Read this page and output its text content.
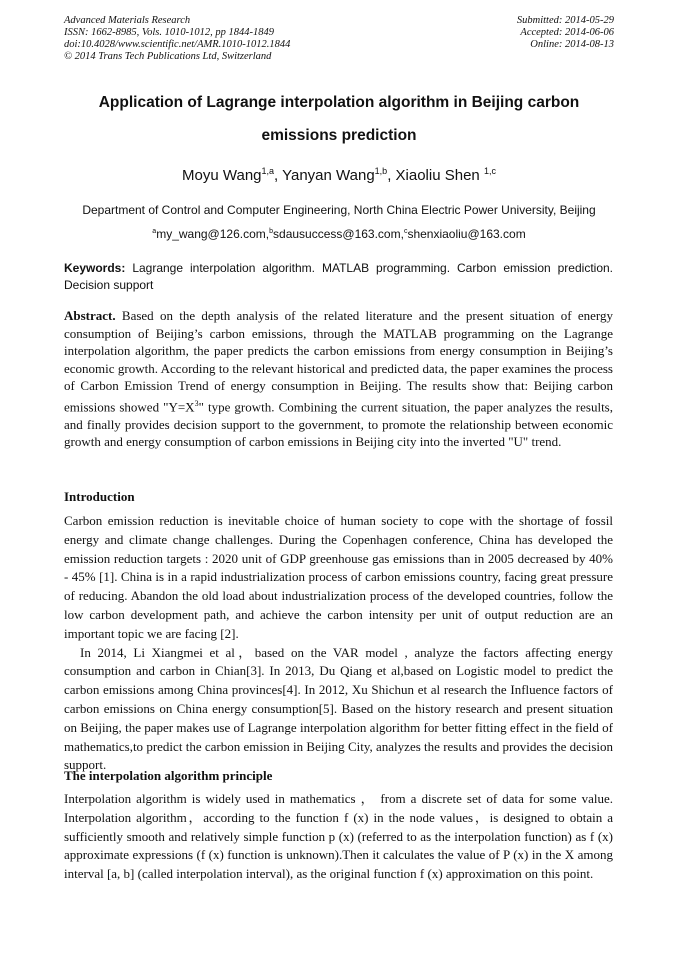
Advanced Materials Research
ISSN: 1662-8985, Vols. 1010-1012, pp 1844-1849
doi:10.4028/www.scientific.net/AMR.1010-1012.1844
© 2014 Trans Tech Publications Ltd, Switzerland
Submitted: 2014-05-29
Accepted: 2014-06-06
Online: 2014-08-13
Application of Lagrange interpolation algorithm in Beijing carbon
emissions prediction
Moyu Wang$^{1,a}$, Yanyan Wang$^{1,b}$, Xiaoliu Shen $^{1,c}$
Department of Control and Computer Engineering, North China Electric Power University, Beijing
$^a$my_wang@126.com,$^b$sdausuccess@163.com,$^c$shenxiaoliu@163.com
Keywords: Lagrange interpolation algorithm. MATLAB programming. Carbon emission prediction. Decision support
Abstract. Based on the depth analysis of the related literature and the present situation of energy consumption of Beijing’s carbon emissions, through the MATLAB programming on the Lagrange interpolation algorithm, the paper predicts the carbon emissions from energy consumption in Beijing’s economic growth. According to the relevant historical and predicted data, the paper examines the process of Carbon Emission Trend of energy consumption in Beijing. The results show that: Beijing carbon emissions showed "$Y=X^3$" type growth. Combining the current situation, the paper analyzes the results, and finally provides decision support to the government, to promote the relationship between economic growth and energy consumption of carbon emissions in Beijing city into the inverted "U" trend.
Introduction

Carbon emission reduction is inevitable choice of human society to cope with the shortage of fossil energy and climate change challenges. During the Copenhagen conference, China has developed the emission reduction targets : 2020 unit of GDP greenhouse gas emissions than in 2005 decreased by 40% - 45% [1]. China is in a rapid industrialization process of carbon emissions country, facing great pressure of reducing. Abandon the old load about industrialization process of the developed countries, follow the low carbon development path, and achieve the carbon intensity per unit of output reduction are an important topic we are facing [2].

In 2014, Li Xiangmei et al，based on the VAR model , analyze the factors affecting energy consumption and carbon in Chian[3]. In 2013, Du Qiang et al,based on Logistic model to predict the carbon emissions among China provinces[4]. In 2012, Xu Shichun et al research the Influence factors of carbon emissions on China energy consumption[5]. Based on the history research and present situation on Beijing, the paper makes use of Lagrange interpolation algorithm for better fitting effect in the field of mathematics,to predict the carbon emission in Beijing City, analyzes the results and provides the decision support.

The interpolation algorithm principle

Interpolation algorithm is widely used in mathematics ， from a discrete set of data for some value. Interpolation algorithm，according to the function f (x) in the node values，is designed to obtain a sufficiently smooth and relatively simple function p (x) (referred to as the interpolation function) as f (x) approximate expressions (f (x) function is unknown).Then it calculates the value of P (x) in the X among interval [a, b] (called interpolation interval), as the original function f (x) approximation on this point.
